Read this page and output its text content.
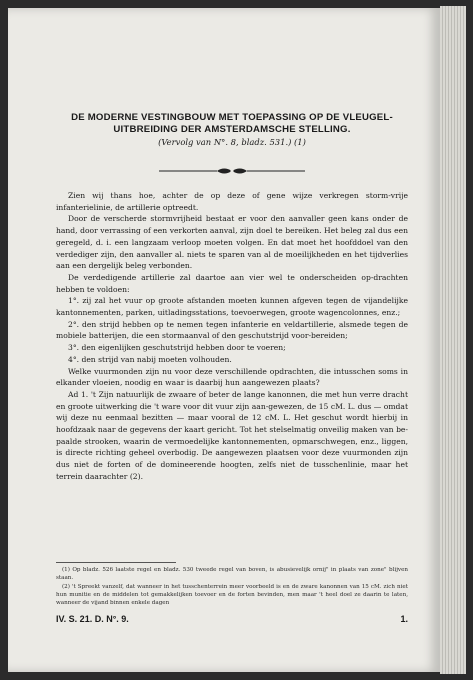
DE MODERNE VESTINGBOUW MET TOEPASSING OP DE VLEUGEL-

UITBREIDING DER AMSTERDAMSCHE STELLING.

(Vervolg van N°. 8, bladz. 531.) (1)

Zien wij thans hoe, achter de op deze of gene wijze verkregen storm-vrije infanterielinie, de artillerie optreedt.

Door de verscherde stormvrijheid bestaat er voor den aanvaller geen kans onder de hand, door verrassing of een verkorten aanval, zijn doel te bereiken. Het beleg zal dus een geregeld, d. i. een langzaam verloop moeten volgen. En dat moet het hoofddoel van den verdediger zijn, den aanvaller al. niets te sparen van al de moeilijkheden en het tijdverlies aan een dergelijk beleg verbonden.

De verdedigende artillerie zal daartoe aan vier wel te onderscheiden op-drachten hebben te voldoen:

1°. zij zal het vuur op groote afstanden moeten kunnen afgeven tegen de vijandelijke kantonnementen, parken, uitladingsstations, toevoerwegen, groote wagencolonnes, enz.;

2°. den strijd hebben op te nemen tegen infanterie en veldartillerie, alsmede tegen de mobiele batterijen, die een stormaanval of den geschutstrijd voor-bereiden;

3°. den eigenlijken geschutstrijd hebben door te voeren;

4°. den strijd van nabij moeten volhouden.

Welke vuurmonden zijn nu voor deze verschillende opdrachten, die intusschen soms in elkander vloeien, noodig en waar is daarbij hun aangewezen plaats?

Ad 1. 't Zijn natuurlijk de zwaare of beter de lange kanonnen, die met hun verre dracht en groote uitwerking die 't ware voor dit vuur zijn aan-gewezen, de 15 cM. L. dus — omdat wij deze nu eenmaal bezitten — maar vooral de 12 cM. L. Het geschut wordt hierbij in hoofdzaak naar de gegevens der kaart gericht. Tot het stelselmatig onveilig maken van be-paalde strooken, waarin de vermoedelijke kantonnementen, opmarschwegen, enz., liggen, is directe richting geheel overbodig. De aangewezen plaatsen voor deze vuurmonden zijn dus niet de forten of de domineerende hoogten, zelfs niet de tusschenlinie, maar het terrein daarachter (2).

(1) Op bladz. 526 laatste regel en bladz. 530 tweede regel van boven, is abusievelijk ornij" in plaats van zone" blijven staan.

(2) 't Spreekt vanzelf, dat wanneer in het tusschenterrein meer voorbeeld is en de zware kanonnen van 15 cM. zich niet hun munitie en de middelen tot gemakkelijken toevoer en de forten bevinden, men maar 't heel doel ze daarin te laten, wanneer de vijand binnen enkele dagen

IV. S. 21. D. N°. 9.	1.
